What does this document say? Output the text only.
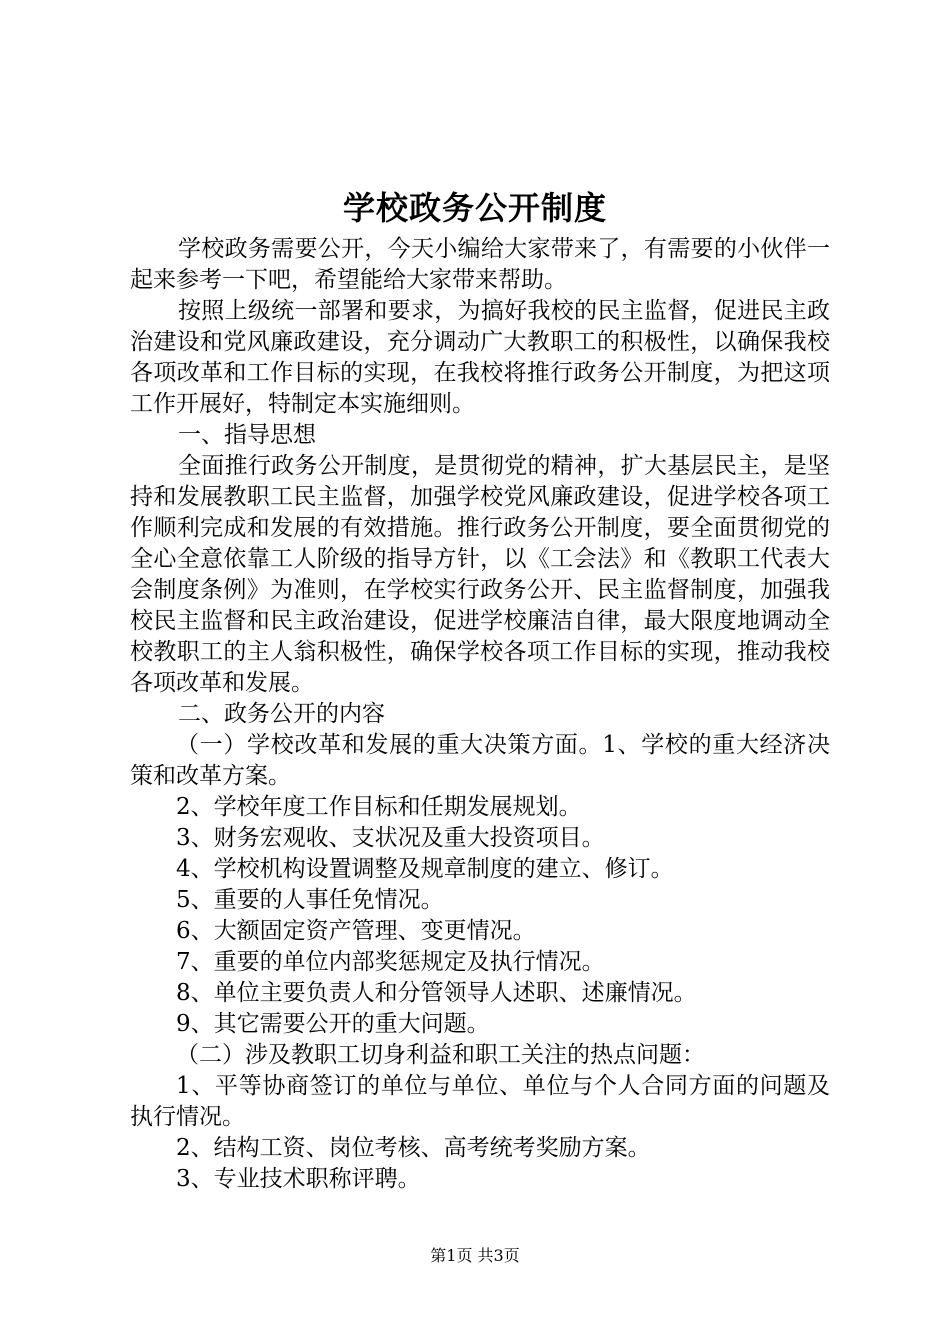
学校政务公开制度

学校政务需要公开，今天小编给大家带来了，有需要的小伙伴一起来参考一下吧，希望能给大家带来帮助。

按照上级统一部署和要求，为搞好我校的民主监督，促进民主政治建设和党风廉政建设，充分调动广大教职工的积极性，以确保我校各项改革和工作目标的实现，在我校将推行政务公开制度，为把这项工作开展好，特制定本实施细则。

一、指导思想

全面推行政务公开制度，是贯彻党的精神，扩大基层民主，是坚持和发展教职工民主监督，加强学校党风廉政建设，促进学校各项工作顺利完成和发展的有效措施。推行政务公开制度，要全面贯彻党的全心全意依靠工人阶级的指导方针，以《工会法》和《教职工代表大会制度条例》为准则，在学校实行政务公开、民主监督制度，加强我校民主监督和民主政治建设，促进学校廉洁自律，最大限度地调动全校教职工的主人翁积极性，确保学校各项工作目标的实现，推动我校各项改革和发展。

二、政务公开的内容

（一）学校改革和发展的重大决策方面。1、学校的重大经济决策和改革方案。

2、学校年度工作目标和任期发展规划。

3、财务宏观收、支状况及重大投资项目。

4、学校机构设置调整及规章制度的建立、修订。

5、重要的人事任免情况。

6、大额固定资产管理、变更情况。

7、重要的单位内部奖惩规定及执行情况。

8、单位主要负责人和分管领导人述职、述廉情况。

9、其它需要公开的重大问题。

（二）涉及教职工切身利益和职工关注的热点问题：

1、平等协商签订的单位与单位、单位与个人合同方面的问题及执行情况。

2、结构工资、岗位考核、高考统考奖励方案。

3、专业技术职称评聘。

第1页 共3页
